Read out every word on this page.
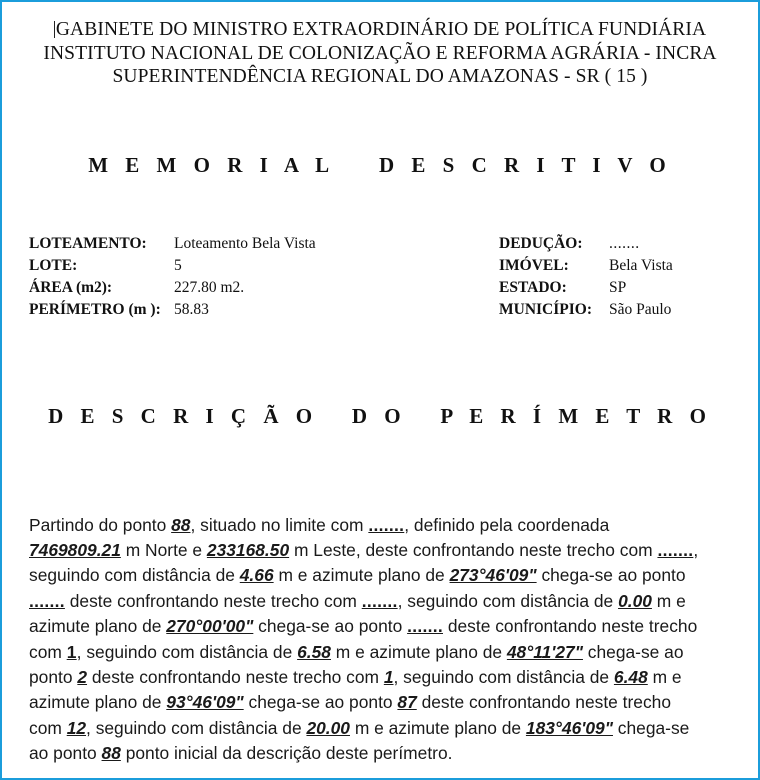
GABINETE DO MINISTRO EXTRAORDINÁRIO DE POLÍTICA FUNDIÁRIA
INSTITUTO NACIONAL DE COLONIZAÇÃO E REFORMA AGRÁRIA - INCRA
SUPERINTENDÊNCIA REGIONAL DO AMAZONAS - SR ( 15 )
M E M O R I A L    D E S C R I T I V O
LOTEAMENTO: Loteamento Bela Vista
LOTE:	5
ÁREA (m2):	227.80 m2.
PERÍMETRO (m ): 58.83
DEDUÇÃO: .......
IMÓVEL:	Bela Vista
ESTADO:	SP
MUNICÍPIO: São Paulo
D E S C R I Ç Ã O   D O   P E R Í M E T R O

Partindo do ponto 88, situado no limite com ......., definido pela coordenada 7469809.21 m Norte e 233168.50 m Leste, deste confrontando neste trecho com ......., seguindo com distância de 4.66 m e azimute plano de 273°46'09" chega-se ao ponto ....... deste confrontando neste trecho com ......., seguindo com distância de 0.00 m e azimute plano de 270°00'00" chega-se ao ponto ....... deste confrontando neste trecho com 1, seguindo com distância de 6.58 m e azimute plano de 48°11'27" chega-se ao ponto 2 deste confrontando neste trecho com 1, seguindo com distância de 6.48 m e azimute plano de 93°46'09" chega-se ao ponto 87 deste confrontando neste trecho com 12, seguindo com distância de 20.00 m e azimute plano de 183°46'09" chega-se ao ponto 88 ponto inicial da descrição deste perímetro.
